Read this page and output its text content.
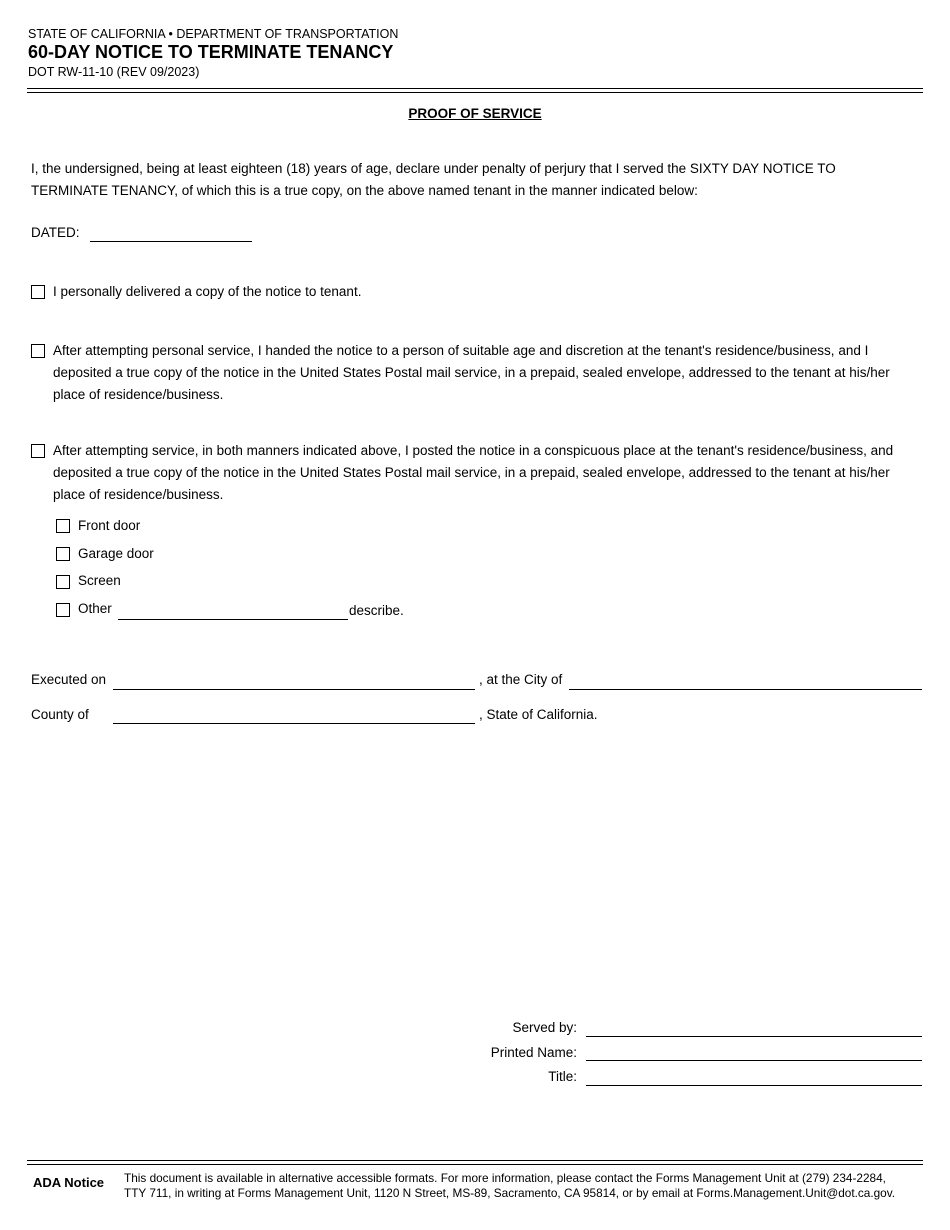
STATE OF CALIFORNIA • DEPARTMENT OF TRANSPORTATION
60-DAY NOTICE TO TERMINATE TENANCY
DOT RW-11-10 (REV 09/2023)
PROOF OF SERVICE
I, the undersigned, being at least eighteen (18) years of age, declare under penalty of perjury that I served the SIXTY DAY NOTICE TO TERMINATE TENANCY, of which this is a true copy, on the above named tenant in the manner indicated below:
DATED:
I personally delivered a copy of the notice to tenant.
After attempting personal service, I handed the notice to a person of suitable age and discretion at the tenant's residence/business, and I deposited a true copy of the notice in the United States Postal mail service, in a prepaid, sealed envelope, addressed to the tenant at his/her place of residence/business.
After attempting service, in both manners indicated above, I posted the notice in a conspicuous place at the tenant's residence/business, and deposited a true copy of the notice in the United States Postal mail service, in a prepaid, sealed envelope, addressed to the tenant at his/her place of residence/business.
Front door
Garage door
Screen
Other	describe.
Executed on	, at the City of
County of	, State of California.
Served by:
Printed Name:
Title:
ADA Notice This document is available in alternative accessible formats. For more information, please contact the Forms Management Unit at (279) 234-2284,
TTY 711, in writing at Forms Management Unit, 1120 N Street, MS-89, Sacramento, CA 95814, or by email at Forms.Management.Unit@dot.ca.gov.
